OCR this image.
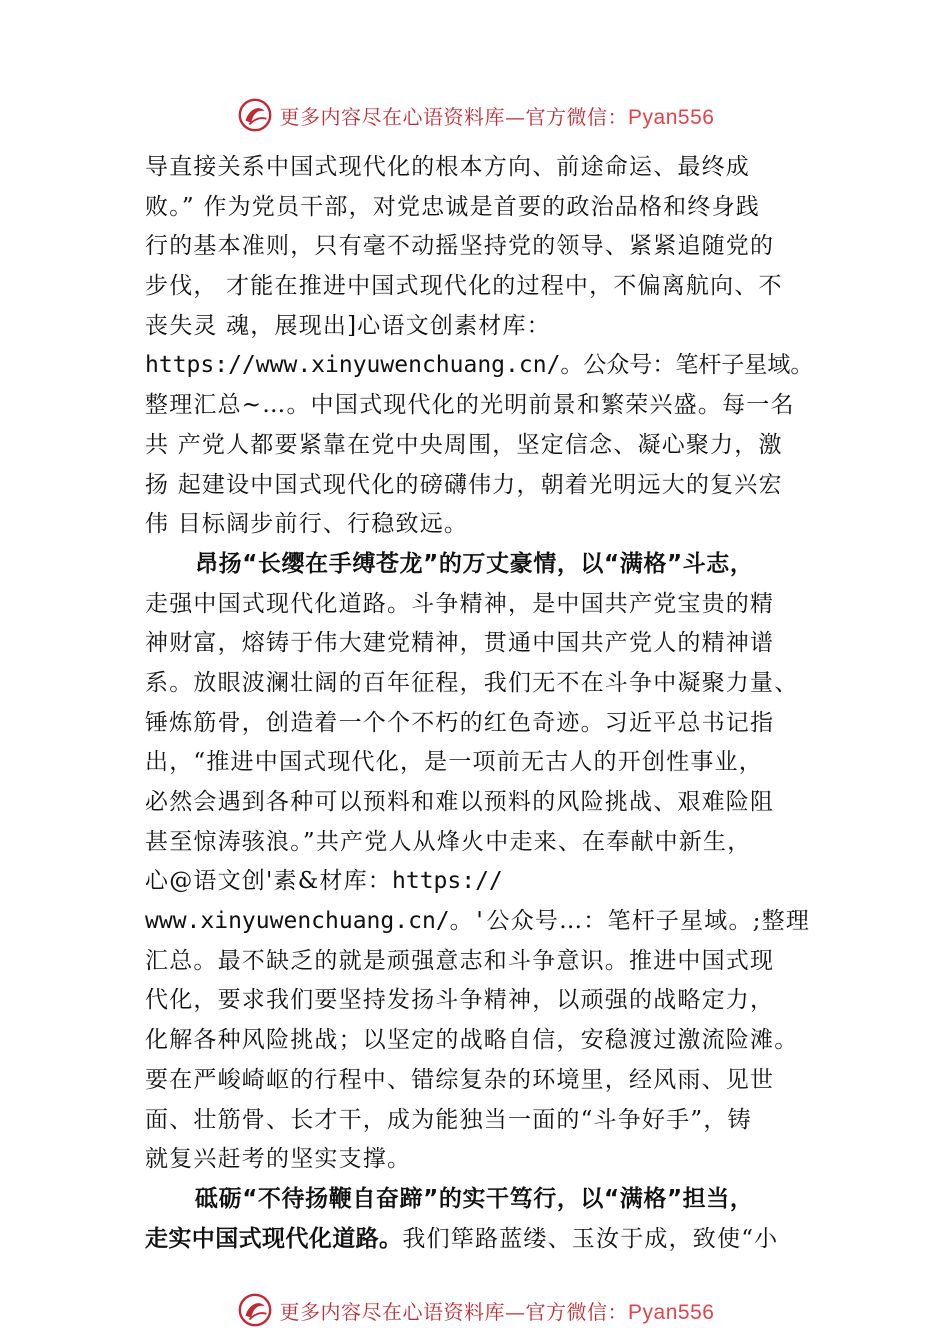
更多内容尽在心语资料库—官方微信：Pyan556
导直接关系中国式现代化的根本方向、前途命运、最终成
败。” 作为党员干部，对党忠诚是首要的政治品格和终身践
行的基本准则，只有毫不动摇坚持党的领导、紧紧追随党的
步伐， 才能在推进中国式现代化的过程中，不偏离航向、不
丧失灵 魂，展现出]心语文创素材库：
https://www.xinyuwenchuang.cn/。公众号：笔杆子星域。
整理汇总~…。中国式现代化的光明前景和繁荣兴盛。每一名
共 产党人都要紧靠在党中央周围，坚定信念、凝心聚力，激
扬 起建设中国式现代化的磅礴伟力，朝着光明远大的复兴宏
伟 目标阔步前行、行稳致远。
昂扬“长缨在手缚苍龙”的万丈豪情，以“满格”斗志，
走强中国式现代化道路。斗争精神，是中国共产党宝贵的精
神财富，熔铸于伟大建党精神，贯通中国共产党人的精神谱
系。放眼波澜壮阔的百年征程，我们无不在斗争中凝聚力量、
锤炼筋骨，创造着一个个不朽的红色奇迹。习近平总书记指
出，“推进中国式现代化，是一项前无古人的开创性事业，
必然会遇到各种可以预料和难以预料的风险挑战、艰难险阻
甚至惊涛骇浪。”共产党人从烽火中走来、在奉献中新生，
心@语文创'素&材库：https://
www.xinyuwenchuang.cn/。'公众号…：笔杆子星域。;整理
汇总。最不缺乏的就是顽强意志和斗争意识。推进中国式现
代化，要求我们要坚持发扬斗争精神，以顽强的战略定力，
化解各种风险挑战；以坚定的战略自信，安稳渡过激流险滩。
要在严峻崎岖的行程中、错综复杂的环境里，经风雨、见世
面、壮筋骨、长才干，成为能独当一面的“斗争好手”，铸
就复兴赶考的坚实支撑。
砥砺“不待扬鞭自奋蹄”的实干笃行，以“满格”担当，
走实中国式现代化道路。我们筚路蓝缕、玉汝于成，致使“小
更多内容尽在心语资料库—官方微信：Pyan556
